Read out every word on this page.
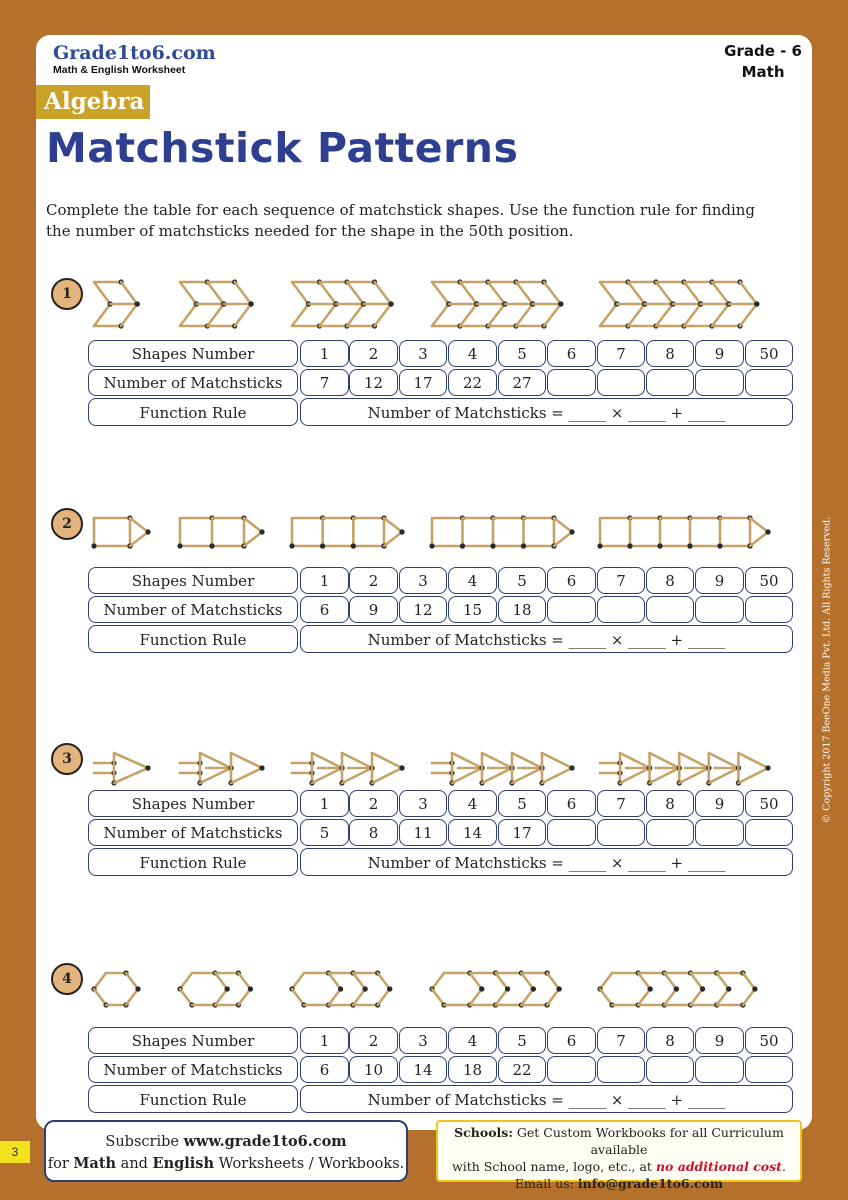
Grade1to6.com
Math & English Worksheet
Grade - 6
Math
Algebra
Matchstick Patterns
Complete the table for each sequence of matchstick shapes. Use the function rule for finding the number of matchsticks needed for the shape in the 50th position.
1
Shapes Number	1	2	3	4	5	6	7	8	9	50
Number of Matchsticks	7	12	17	22	27
Function Rule	Number of Matchsticks = _____ × _____ + _____
2
Shapes Number	1	2	3	4	5	6	7	8	9	50
Number of Matchsticks	6	9	12	15	18
Function Rule	Number of Matchsticks = _____ × _____ + _____
3
Shapes Number	1	2	3	4	5	6	7	8	9	50
Number of Matchsticks	5	8	11	14	17
Function Rule	Number of Matchsticks = _____ × _____ + _____
4
Shapes Number	1	2	3	4	5	6	7	8	9	50
Number of Matchsticks	6	10	14	18	22
Function Rule	Number of Matchsticks = _____ × _____ + _____
© Copyright 2017 BeeOne Media Pvt. Ltd. All Rights Reserved.
3
Subscribe www.grade1to6.com
for Math and English Worksheets / Workbooks.
Schools: Get Custom Workbooks for all Curriculum available
with School name, logo, etc., at no additional cost.
Email us: info@grade1to6.com
